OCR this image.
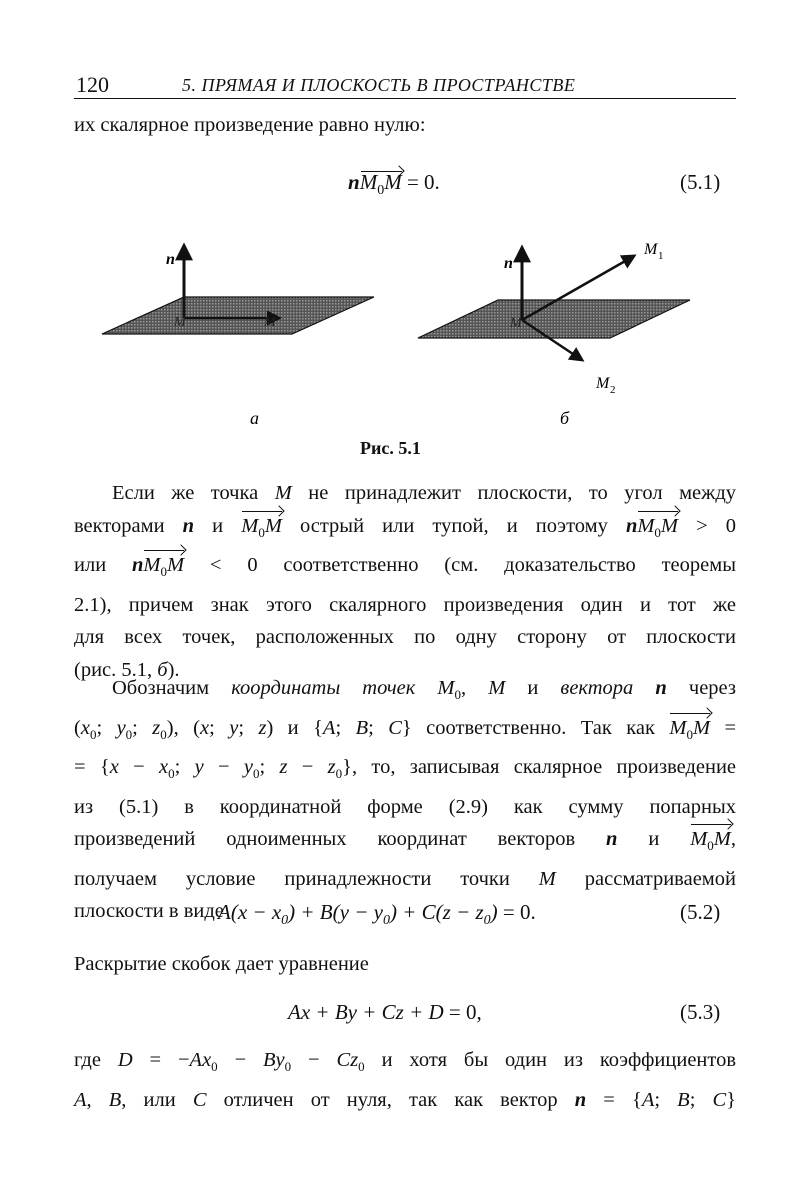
120	5. ПРЯМАЯ И ПЛОСКОСТЬ В ПРОСТРАНСТВЕ
их скалярное произведение равно нулю:
$nM_0M = 0$.	(5.1)
n
M	M
n
M
M 1
M 2
а	б
Рис. 5.1
Если же точка M не принадлежит плоскости, то угол между
векторами n и $M_0M$ острый или тупой, и поэтому $nM_0M > 0$
или $nM_0M < 0$ соответственно (см. доказательство теоремы
2.1), причем знак этого скалярного произведения один и тот же
для всех точек, расположенных по одну сторону от плоскости
(рис. 5.1, б).
Обозначим координаты точек $M_0$, M и вектора n через
($x_0$; $y_0$; $z_0$), (x; y; z) и {A; B; C} соответственно. Так как $M_0M$ =
= {$x - x_0$; $y - y_0$; $z - z_0$}, то, записывая скалярное произведение
из (5.1) в координатной форме (2.9) как сумму попарных
произведений одноименных координат векторов n и $M_0M$,
получаем условие принадлежности точки M рассматриваемой
плоскости в виде
$A(x - x_0) + B(y - y_0) + C(z - z_0) = 0$.	(5.2)
Раскрытие скобок дает уравнение
Ax + By + Cz + D = 0,	(5.3)
где $D = -Ax_0 - By_0 - Cz_0$ и хотя бы один из коэффициентов
A, B, или C отличен от нуля, так как вектор n = {A; B; C}
